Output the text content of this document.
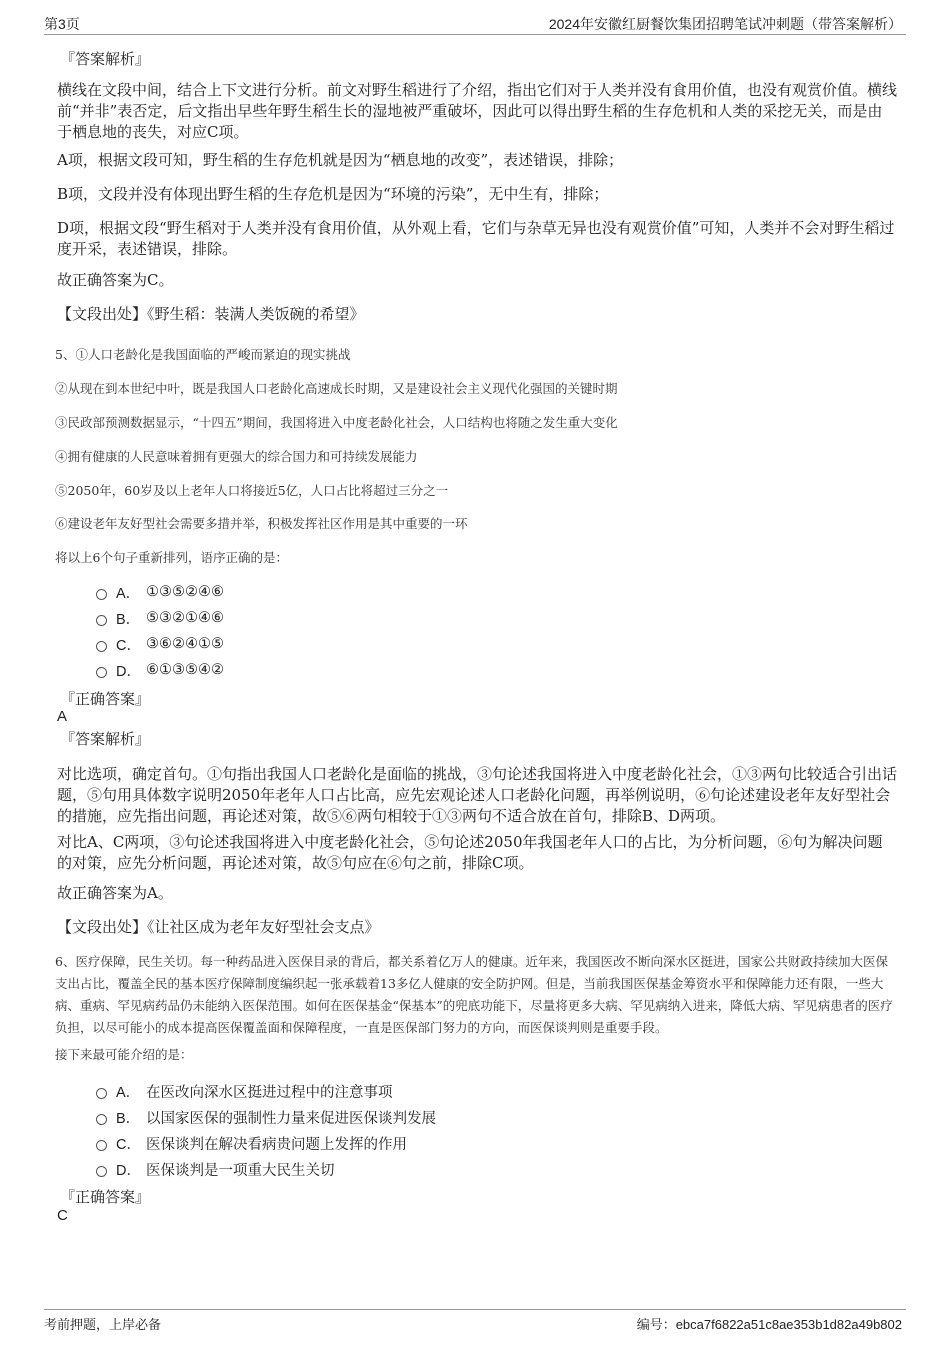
第3页	2024年安徽红厨餐饮集团招聘笔试冲刺题（带答案解析）
『答案解析』
横线在文段中间，结合上下文进行分析。前文对野生稻进行了介绍，指出它们对于人类并没有食用价值，也没有观赏价值。横线前“并非”表否定，后文指出早些年野生稻生长的湿地被严重破坏，因此可以得出野生稻的生存危机和人类的采挖无关，而是由于栖息地的丧失，对应C项。
A项，根据文段可知，野生稻的生存危机就是因为“栖息地的改变”，表述错误，排除；
B项，文段并没有体现出野生稻的生存危机是因为“环境的污染”，无中生有，排除；
D项，根据文段“野生稻对于人类并没有食用价值，从外观上看，它们与杂草无异也没有观赏价值”可知，人类并不会对野生稻过度开采，表述错误，排除。
故正确答案为C。
【文段出处】《野生稻：装满人类饭碗的希望》
5、①人口老龄化是我国面临的严峻而紧迫的现实挑战
②从现在到本世纪中叶，既是我国人口老龄化高速成长时期，又是建设社会主义现代化强国的关键时期
③民政部预测数据显示，“十四五”期间，我国将进入中度老龄化社会，人口结构也将随之发生重大变化
④拥有健康的人民意味着拥有更强大的综合国力和可持续发展能力
⑤2050年，60岁及以上老年人口将接近5亿，人口占比将超过三分之一
⑥建设老年友好型社会需要多措并举，积极发挥社区作用是其中重要的一环
将以上6个句子重新排列，语序正确的是：
A． ①③⑤②④⑥
B． ⑤③②①④⑥
C． ③⑥②④①⑤
D． ⑥①③⑤④②
『正确答案』
A
『答案解析』
对比选项，确定首句。①句指出我国人口老龄化是面临的挑战，③句论述我国将进入中度老龄化社会，①③两句比较适合引出话题，⑤句用具体数字说明2050年老年人口占比高，应先宏观论述人口老龄化问题，再举例说明，⑥句论述建设老年友好型社会的措施，应先指出问题，再论述对策，故⑤⑥两句相较于①③两句不适合放在首句，排除B、D两项。
对比A、C两项，③句论述我国将进入中度老龄化社会，⑤句论述2050年我国老年人口的占比，为分析问题，⑥句为解决问题的对策，应先分析问题，再论述对策，故⑤句应在⑥句之前，排除C项。
故正确答案为A。
【文段出处】《让社区成为老年友好型社会支点》
6、医疗保障，民生关切。每一种药品进入医保目录的背后，都关系着亿万人的健康。近年来，我国医改不断向深水区挺进，国家公共财政持续加大医保支出占比，覆盖全民的基本医疗保障制度编织起一张承载着13多亿人健康的安全防护网。但是，当前我国医保基金筹资水平和保障能力还有限，一些大病、重病、罕见病药品仍未能纳入医保范围。如何在医保基金“保基本”的兜底功能下，尽量将更多大病、罕见病纳入进来，降低大病、罕见病患者的医疗负担，以尽可能小的成本提高医保覆盖面和保障程度，一直是医保部门努力的方向，而医保谈判则是重要手段。
接下来最可能介绍的是：
A． 在医改向深水区挺进过程中的注意事项
B． 以国家医保的强制性力量来促进医保谈判发展
C． 医保谈判在解决看病贵问题上发挥的作用
D． 医保谈判是一项重大民生关切
『正确答案』
C
考前押题，上岸必备	编号：ebca7f6822a51c8ae353b1d82a49b802
